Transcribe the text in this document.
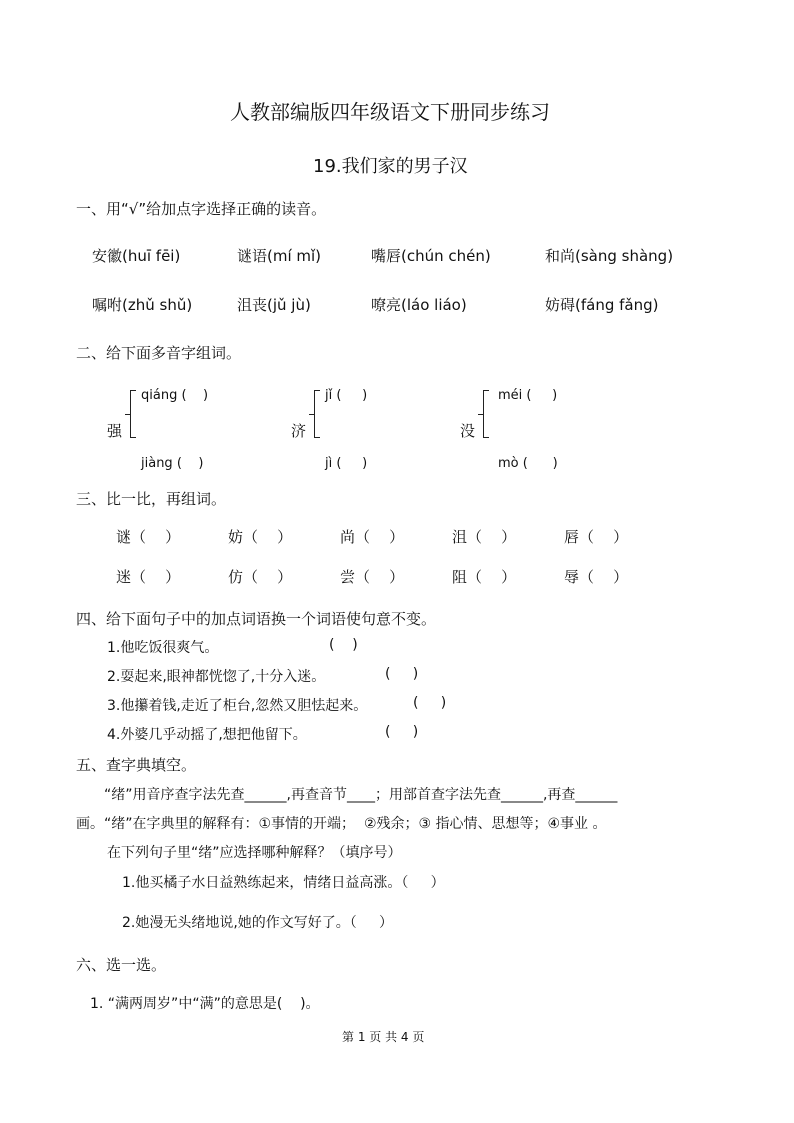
人教部编版四年级语文下册同步练习
19.我们家的男子汉
一、用“√”给加点字选择正确的读音。
安徽(huī fēi)	谜语(mí mǐ)	嘴唇(chún chén)	和尚(sàng shàng)
嘱咐(zhǔ shǔ)	沮丧(jǔ jù)	嘹亮(láo liáo)	妨碍(fáng fǎng)
二、给下面多音字组词。
强
qiáng (    )
jiàng (    )
济
jǐ (     )
jì (     )
没
méi (     )
mò (      )
三、比一比，再组词。
谜（    ）	妨（    ）	尚（    ）	沮（    ）	唇（    ）
迷（    ）	仿（    ）	尝（    ）	阻（    ）	辱（    ）
四、给下面句子中的加点词语换一个词语使句意不变。
1.他吃饭很爽气。	(    )
2.耍起来,眼神都恍惚了,十分入迷。	(     )
3.他攥着钱,走近了柜台,忽然又胆怯起来。	(     )
4.外婆几乎动摇了,想把他留下。	(     )
五、查字典填空。
“绪”用音序查字法先查______,再查音节____；用部首查字法先查______,再查______
画。“绪”在字典里的解释有：①事情的开端；  ②残余；③ 指心情、思想等；④事业 。
在下列句子里“绪”应选择哪种解释？（填序号）
1.他买橘子水日益熟练起来，情绪日益高涨。（     ）
2.她漫无头绪地说,她的作文写好了。（     ）
六、选一选。
1. “满两周岁”中“满”的意思是(    )。
第 1 页 共 4 页
